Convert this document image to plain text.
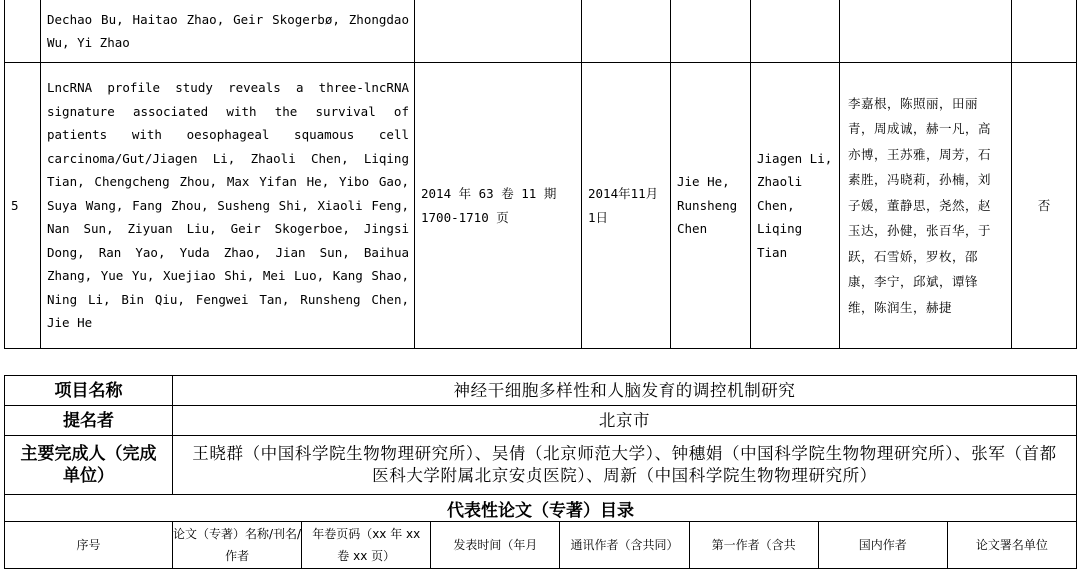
	Dechao Bu, Haitao Zhao, Geir Skogerbø, Zhongdao Wu, Yi Zhao						
5	LncRNA profile study reveals a three-lncRNA signature associated with the survival of patients with oesophageal squamous cell carcinoma/Gut/Jiagen Li, Zhaoli Chen, Liqing Tian, Chengcheng Zhou, Max Yifan He, Yibo Gao, Suya Wang, Fang Zhou, Susheng Shi, Xiaoli Feng, Nan Sun, Ziyuan Liu, Geir Skogerboe, Jingsi Dong, Ran Yao, Yuda Zhao, Jian Sun, Baihua Zhang, Yue Yu, Xuejiao Shi, Mei Luo, Kang Shao, Ning Li, Bin Qiu, Fengwei Tan, Runsheng Chen, Jie He	2014 年 63 卷 11 期 1700-1710 页	2014年11月1日	Jie He, Runsheng Chen	Jiagen Li, Zhaoli Chen, Liqing Tian	李嘉根，陈照丽，田丽青，周成诚，赫一凡，高亦博，王苏雅，周芳，石素胜，冯晓莉，孙楠，刘子媛，董静思，尧然，赵玉达，孙健，张百华，于跃，石雪娇，罗枚，邵康，李宁，邱斌，谭锋维，陈润生，赫捷	否
项目名称	神经干细胞多样性和人脑发育的调控机制研究						
提名者	北京市						
主要完成人（完成单位）	王晓群（中国科学院生物物理研究所）、吴倩（北京师范大学）、钟穗娟（中国科学院生物物理研究所）、张军（首都医科大学附属北京安贞医院）、周新（中国科学院生物物理研究所）						
代表性论文（专著）目录							
序号	论文（专著）名称/刊名/作者	年卷页码（xx 年 xx 卷 xx 页）	发表时间（年月	通讯作者（含共同）	第一作者（含共	国内作者	论文署名单位
